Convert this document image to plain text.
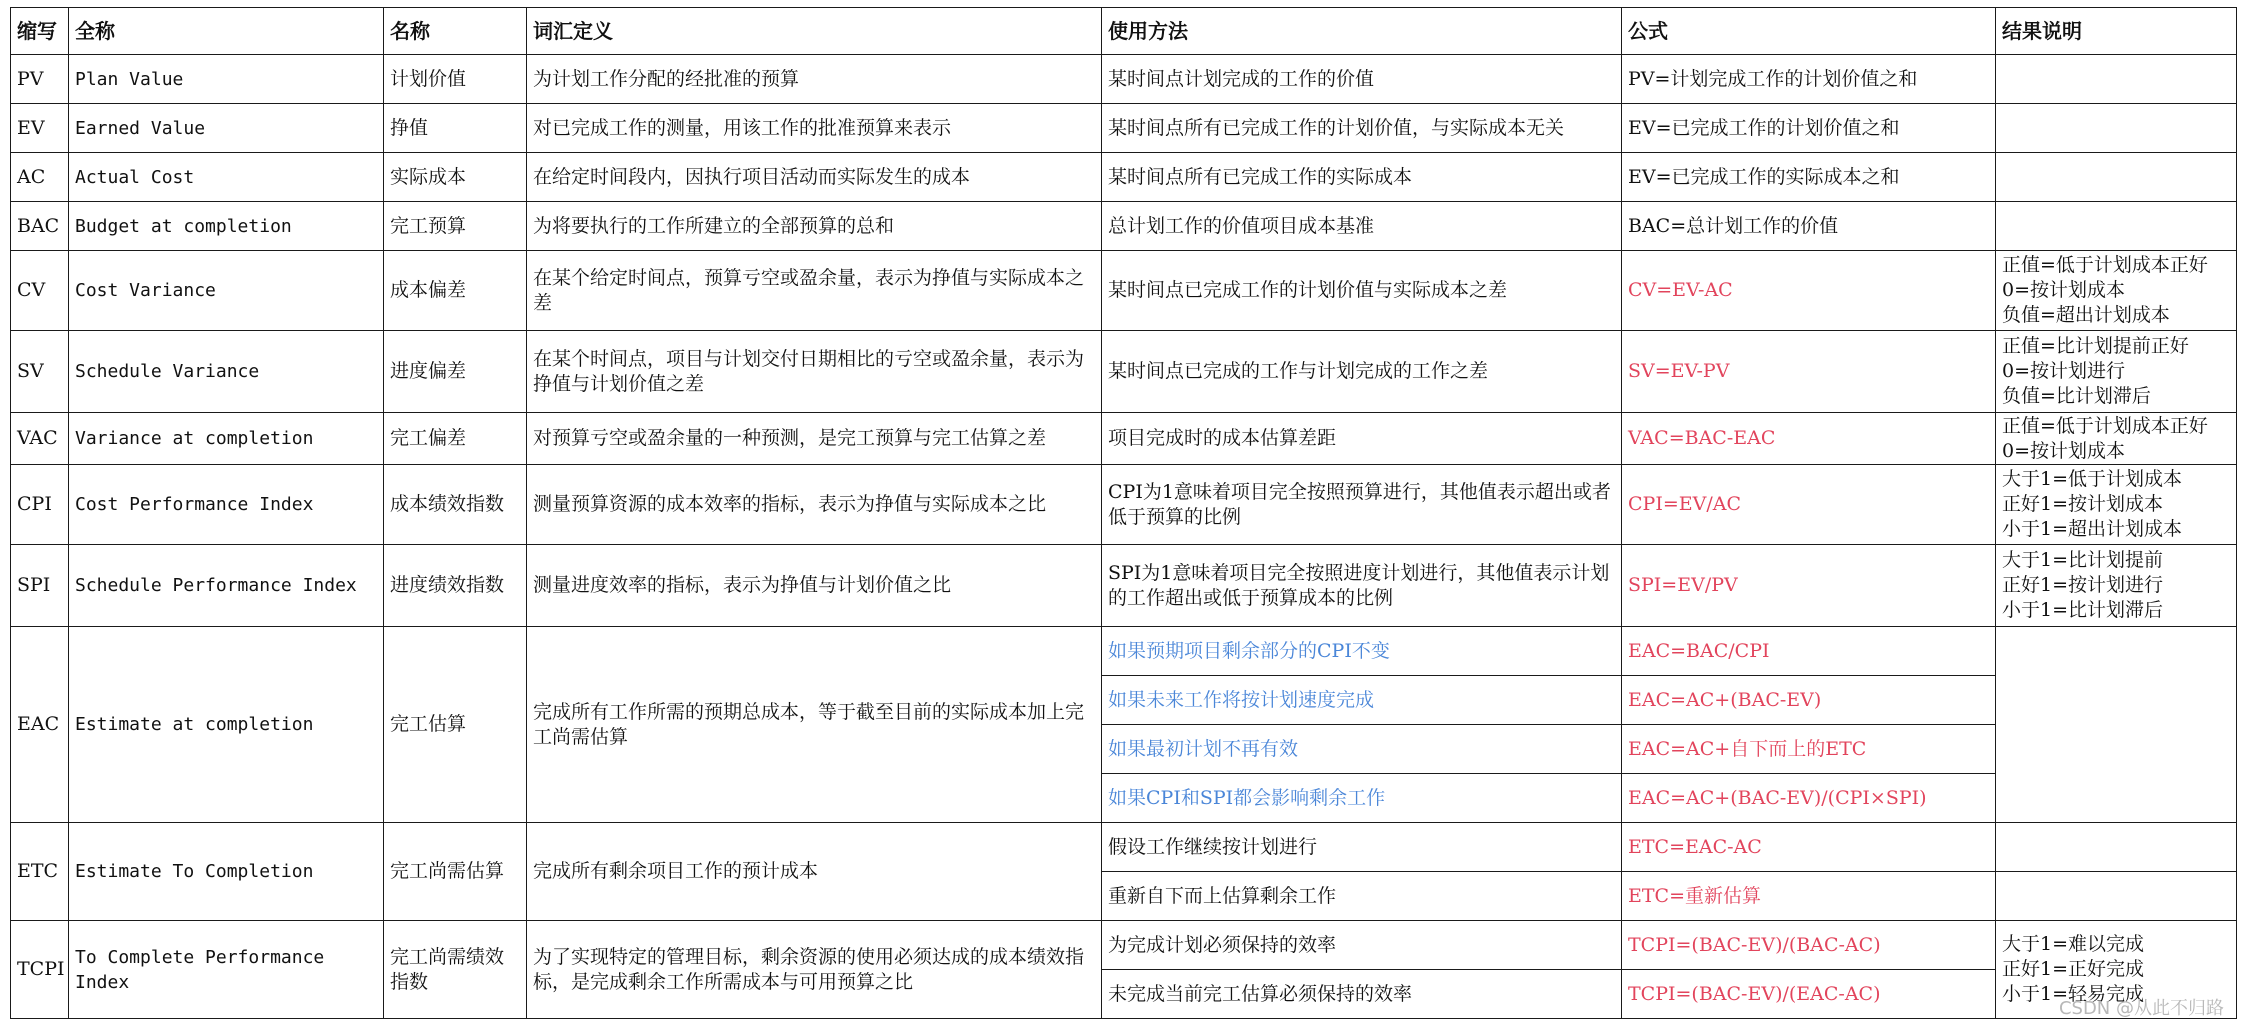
缩写	全称	名称	词汇定义	使用方法	公式	结果说明
PV	Plan Value	计划价值	为计划工作分配的经批准的预算	某时间点计划完成的工作的价值	PV=计划完成工作的计划价值之和	
EV	Earned Value	挣值	对已完成工作的测量，用该工作的批准预算来表示	某时间点所有已完成工作的计划价值，与实际成本无关	EV=已完成工作的计划价值之和	
AC	Actual Cost	实际成本	在给定时间段内，因执行项目活动而实际发生的成本	某时间点所有已完成工作的实际成本	EV=已完成工作的实际成本之和	
BAC	Budget at completion	完工预算	为将要执行的工作所建立的全部预算的总和	总计划工作的价值项目成本基准	BAC=总计划工作的价值	
CV	Cost Variance	成本偏差	在某个给定时间点，预算亏空或盈余量，表示为挣值与实际成本之差	某时间点已完成工作的计划价值与实际成本之差	CV=EV-AC	正值=低于计划成本正好
0=按计划成本
负值=超出计划成本

SV	Schedule Variance	进度偏差	在某个时间点，项目与计划交付日期相比的亏空或盈余量，表示为挣值与计划价值之差	某时间点已完成的工作与计划完成的工作之差	SV=EV-PV	正值=比计划提前正好
0=按计划进行
负值=比计划滞后

VAC	Variance at completion	完工偏差	对预算亏空或盈余量的一种预测，是完工预算与完工估算之差	项目完成时的成本估算差距	VAC=BAC-EAC	正值=低于计划成本正好
0=按计划成本

CPI	Cost Performance Index	成本绩效指数	测量预算资源的成本效率的指标，表示为挣值与实际成本之比	CPI为1意味着项目完全按照预算进行，其他值表示超出或者低于预算的比例	CPI=EV/AC	大于1=低于计划成本
正好1=按计划成本
小于1=超出计划成本

SPI	Schedule Performance Index	进度绩效指数	测量进度效率的指标，表示为挣值与计划价值之比	SPI为1意味着项目完全按照进度计划进行，其他值表示计划的工作超出或低于预算成本的比例	SPI=EV/PV	大于1=比计划提前
正好1=按计划进行
小于1=比计划滞后

EAC	Estimate at completion	完工估算	完成所有工作所需的预期总成本，等于截至目前的实际成本加上完工尚需估算	如果预期项目剩余部分的CPI不变	EAC=BAC/CPI	
				如果未来工作将按计划速度完成	EAC=AC+(BAC-EV)	
				如果最初计划不再有效	EAC=AC+自下而上的ETC	
				如果CPI和SPI都会影响剩余工作	EAC=AC+(BAC-EV)/(CPI×SPI)	
ETC	Estimate To Completion	完工尚需估算	完成所有剩余项目工作的预计成本	假设工作继续按计划进行	ETC=EAC-AC	
				重新自下而上估算剩余工作	ETC=重新估算	
TCPI	To Complete Performance Index	完工尚需绩效指数	为了实现特定的管理目标，剩余资源的使用必须达成的成本绩效指标，是完成剩余工作所需成本与可用预算之比	为完成计划必须保持的效率	TCPI=(BAC-EV)/(BAC-AC)	大于1=难以完成
正好1=正好完成
小于1=轻易完成

				未完成当前完工估算必须保持的效率	TCPI=(BAC-EV)/(EAC-AC)	
CSDN @从此不归路
